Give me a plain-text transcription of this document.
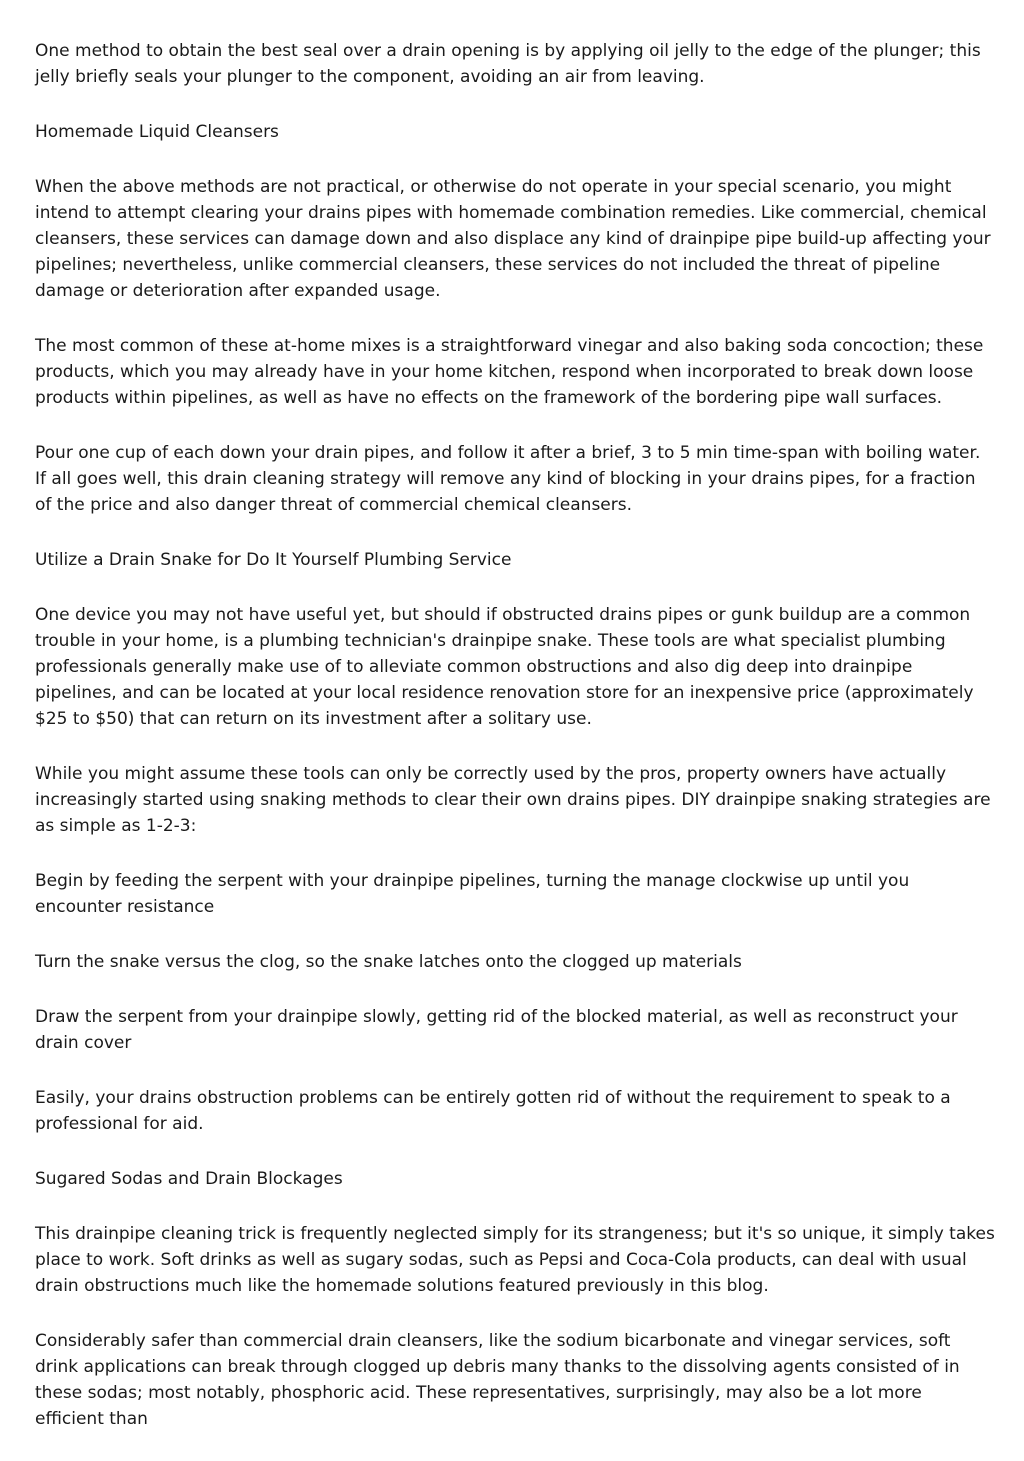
One method to obtain the best seal over a drain opening is by applying oil jelly to the edge of the plunger; this jelly briefly seals your plunger to the component, avoiding an air from leaving.

Homemade Liquid Cleansers

When the above methods are not practical, or otherwise do not operate in your special scenario, you might intend to attempt clearing your drains pipes with homemade combination remedies. Like commercial, chemical cleansers, these services can damage down and also displace any kind of drainpipe pipe build-up affecting your pipelines; nevertheless, unlike commercial cleansers, these services do not included the threat of pipeline damage or deterioration after expanded usage.

The most common of these at-home mixes is a straightforward vinegar and also baking soda concoction; these products, which you may already have in your home kitchen, respond when incorporated to break down loose products within pipelines, as well as have no effects on the framework of the bordering pipe wall surfaces.

Pour one cup of each down your drain pipes, and follow it after a brief, 3 to 5 min time-span with boiling water. If all goes well, this drain cleaning strategy will remove any kind of blocking in your drains pipes, for a fraction of the price and also danger threat of commercial chemical cleansers.

Utilize a Drain Snake for Do It Yourself Plumbing Service

One device you may not have useful yet, but should if obstructed drains pipes or gunk buildup are a common trouble in your home, is a plumbing technician's drainpipe snake. These tools are what specialist plumbing professionals generally make use of to alleviate common obstructions and also dig deep into drainpipe pipelines, and can be located at your local residence renovation store for an inexpensive price (approximately $25 to $50) that can return on its investment after a solitary use.

While you might assume these tools can only be correctly used by the pros, property owners have actually increasingly started using snaking methods to clear their own drains pipes. DIY drainpipe snaking strategies are as simple as 1-2-3:

Begin by feeding the serpent with your drainpipe pipelines, turning the manage clockwise up until you encounter resistance

Turn the snake versus the clog, so the snake latches onto the clogged up materials

Draw the serpent from your drainpipe slowly, getting rid of the blocked material, as well as reconstruct your drain cover

Easily, your drains obstruction problems can be entirely gotten rid of without the requirement to speak to a professional for aid.

Sugared Sodas and Drain Blockages

This drainpipe cleaning trick is frequently neglected simply for its strangeness; but it's so unique, it simply takes place to work. Soft drinks as well as sugary sodas, such as Pepsi and Coca-Cola products, can deal with usual drain obstructions much like the homemade solutions featured previously in this blog.

Considerably safer than commercial drain cleansers, like the sodium bicarbonate and vinegar services, soft drink applications can break through clogged up debris many thanks to the dissolving agents consisted of in these sodas; most notably, phosphoric acid. These representatives, surprisingly, may also be a lot more efficient than
